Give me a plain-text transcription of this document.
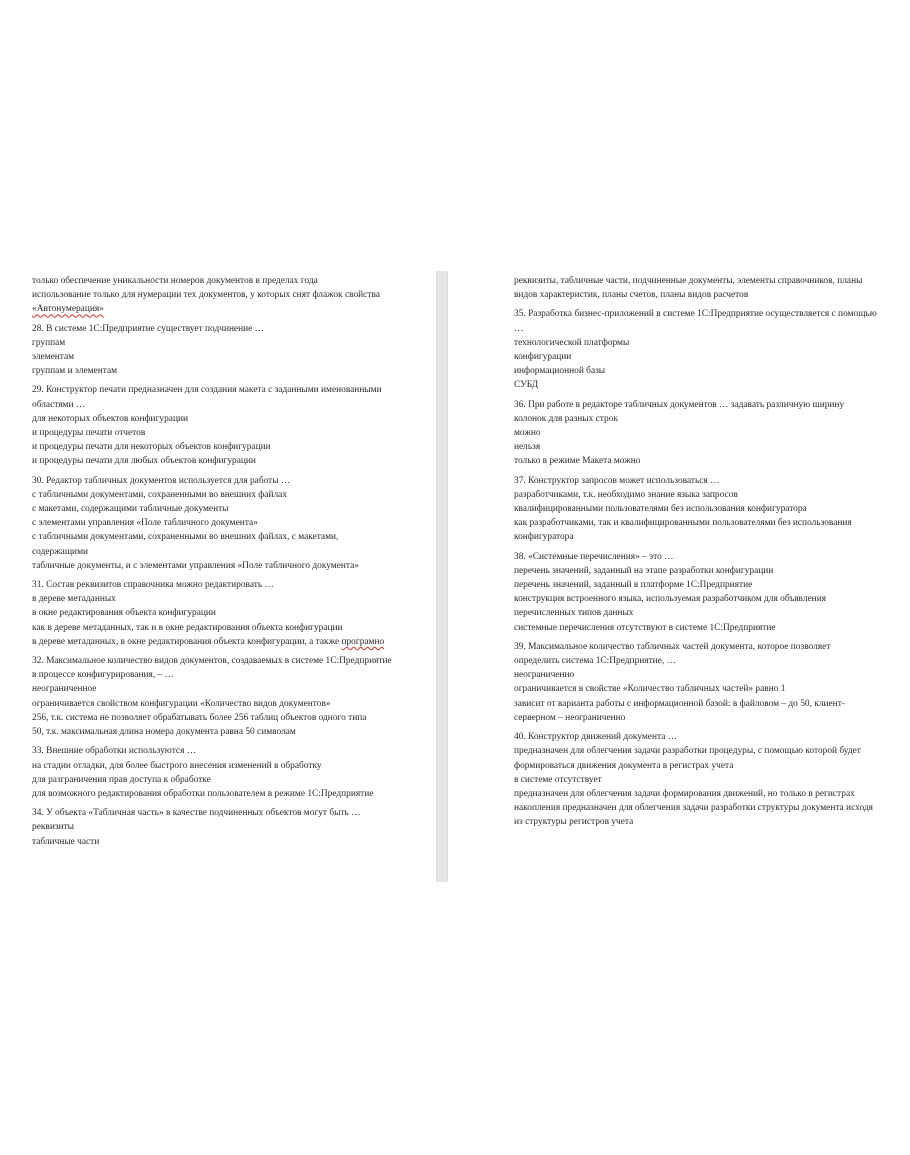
только обеспечение уникальности номеров документов в пределах года
использование только для нумерации тех документов, у которых снят флажок свойства
«Автонумерация»
28. В системе 1С:Предприятие существует подчинение …
группам
элементам
группам и элементам
29. Конструктор печати предназначен для создания макета с заданными именованными
областями …
для некоторых объектов конфигурации
и процедуры печати отчетов
и процедуры печати для некоторых объектов конфигурации
и процедуры печати для любых объектов конфигурации
30. Редактор табличных документов используется для работы …
с табличными документами, сохраненными во внешних файлах
с макетами, содержащими табличные документы
с элементами управления «Поле табличного документа»
с табличными документами, сохраненными во внешних файлах, с макетами,
содержащими
табличные документы, и с элементами управления «Поле табличного документа»
31. Состав реквизитов справочника можно редактировать …
в дереве метаданных
в окне редактирования объекта конфигурации
как в дереве метаданных, так и в окне редактирования объекта конфигурации
в дереве метаданных, в окне редактирования объекта конфигурации, а также програмно
32. Максимальное количество видов документов, создаваемых в системе 1С:Предприятие
в процессе конфигурирования, – …
неограниченное
ограничивается свойством конфигурации «Количество видов документов»
256, т.к. система не позволяет обрабатывать более 256 таблиц объектов одного типа
50, т.к. максимальная длина номера документа равна 50 символам
33. Внешние обработки используются …
на стадии отладки, для более быстрого внесения изменений в обработку
для разграничения прав доступа к обработке
для возможного редактирования обработки пользователем в режиме 1С:Предприятие
34. У объекта «Табличная часть» в качестве подчиненных объектов могут быть …
реквизиты
табличные части
реквизиты, табличные части, подчиненные документы, элементы справочников, планы
видов характеристик, планы счетов, планы видов расчетов
35. Разработка бизнес-приложений в системе 1С:Предприятие осуществляется с помощью
…
технологической платформы
конфигурации
информационной базы
СУБД
36. При работе в редакторе табличных документов … задавать различную ширину
колонок для разных строк
можно
нельзя
только в режиме Макета можно
37. Конструктор запросов может использоваться …
разработчиками, т.к. необходимо знание языка запросов
квалифицированными пользователями без использования конфигуратора
как разработчиками, так и квалифицированными пользователями без использования
конфигуратора
38. «Системные перечисления» – это …
перечень значений, заданный на этапе разработки конфигурации
перечень значений, заданный в платформе 1С:Предприятие
конструкция встроенного языка, используемая разработчиком для объявления
перечисленных типов данных
системные перечисления отсутствуют в системе 1С:Предприятие
39. Максимальное количество табличных частей документа, которое позволяет
определить система 1С:Предприятие, …
неограниченно
ограничивается в свойстве «Количество табличных частей» равно 1
зависит от варианта работы с информационной базой: в файловом – до 50, клиент-
серверном – неограниченно
40. Конструктор движений документа …
предназначен для облегчения задачи разработки процедуры, с помощью которой будет
формироваться движения документа в регистрах учета
в системе отсутствует
предназначен для облегчения задачи формирования движений, но только в регистрах
накопления предназначен для облегчения задачи разработки структуры документа исходя
из структуры регистров учета
